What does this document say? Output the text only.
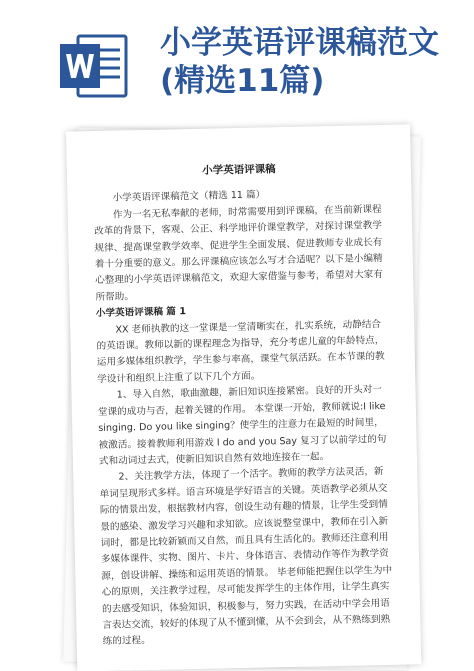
小学英语评课稿范文(精选11篇)
小学英语评课稿

小学英语评课稿范文（精选 11 篇）

作为一名无私奉献的老师，时常需要用到评课稿，在当前新课程改革的背景下，客观、公正、科学地评价课堂教学，对探讨课堂教学规律、提高课堂教学效率、促进学生全面发展、促进教师专业成长有着十分重要的意义。那么评课稿应该怎么写才合适呢？以下是小编精心整理的小学英语评课稿范文，欢迎大家借鉴与参考，希望对大家有所帮助。

小学英语评课稿 篇 1

XX 老师执教的这一堂课是一堂清晰实在，扎实系统，动静结合的英语课。教师以新的课程理念为指导，充分考虑儿童的年龄特点，运用多媒体组织教学，学生参与率高，课堂气氛活跃。在本节课的教学设计和组织上注重了以下几个方面。

1、导入自然，歌曲激趣，新旧知识连接紧密。良好的开头对一堂课的成功与否，起着关键的作用。 本堂课一开始，教师就说:I like singing. Do you like singing？使学生的注意力在最短的时间里，被激活。接着教师利用游戏 I do and you Say 复习了以前学过的句式和动词过去式，使新旧知识自然有效地连接在一起。

2、关注教学方法，体现了一个活字。教师的教学方法灵活，新单词呈现形式多样。语言环境是学好语言的关键。英语教学必须从交际的情景出发，根据教材内容，创设生动有趣的情景，让学生受到情景的感染、激发学习兴趣和求知欲。应该说整堂课中，教师在引入新词时，都是比较新颖而又自然，而且具有生活化的。教师还注意利用多媒体课件、实物、图片、卡片、身体语言、表情动作等作为教学资源，创设讲解、操练和运用英语的情景。 毕老师能把握住以学生为中心的原则，关注教学过程，尽可能发挥学生的主体作用，让学生真实的去感受知识，体验知识，积极参与，努力实践，在活动中学会用语言表达交流，较好的体现了从不懂到懂，从不会到会，从不熟练到熟练的过程。
